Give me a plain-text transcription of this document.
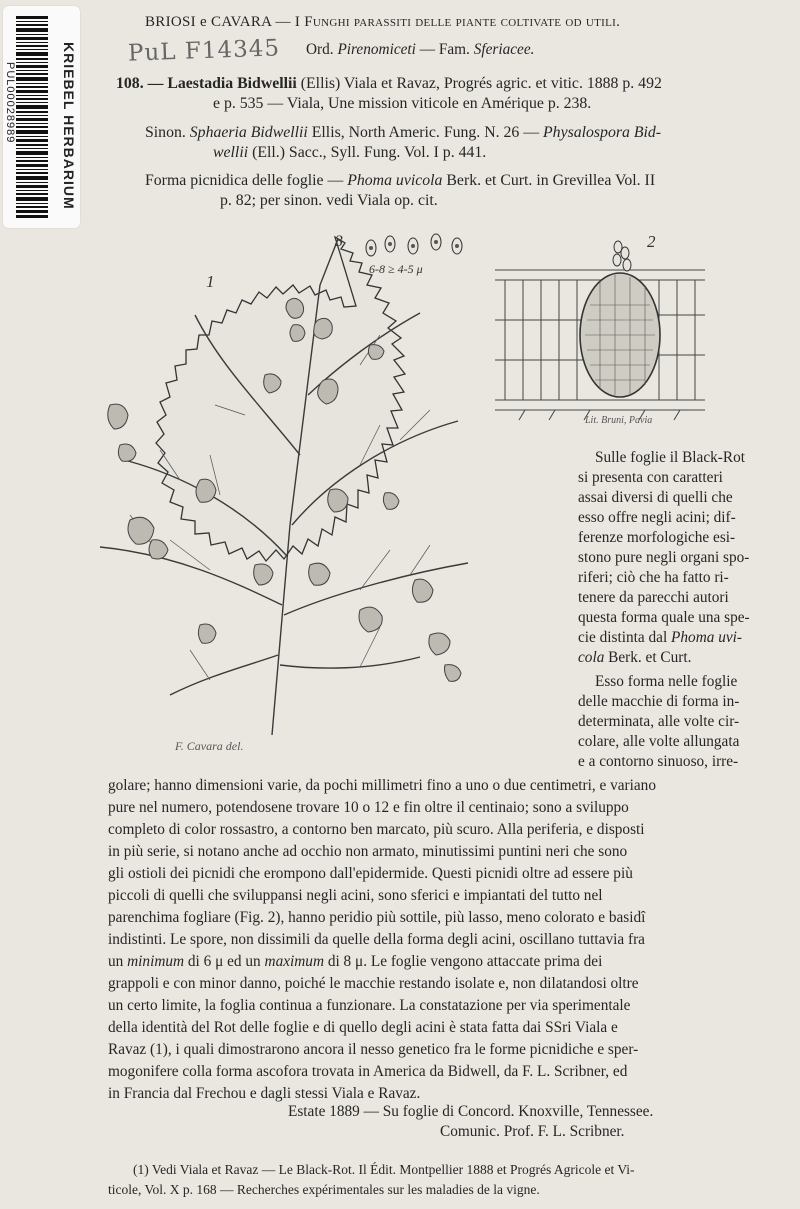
KRIEBEL HERBARIUM
PUL00028989
PuL F14345
BRIOSI e CAVARA — I Funghi parassiti delle piante coltivate od utili.
Ord. Pirenomiceti — Fam. Sferiacee.
108. — Laestadia Bidwellii (Ellis) Viala et Ravaz, Progrés agric. et vitic. 1888 p. 492
e p. 535 — Viala, Une mission viticole en Amérique p. 238.
Sinon. Sphaeria Bidwellii Ellis, North Americ. Fung. N. 26 — Physalospora Bid-
wellii (Ell.) Sacc., Syll. Fung. Vol. I p. 441.
Forma picnidica delle foglie — Phoma uvicola Berk. et Curt. in Grevillea Vol. II
p. 82; per sinon. vedi Viala op. cit.
1
F. Cavara del.
3
6-8 ≥ 4-5 μ
2
Lit. Bruni, Pavia
Sulle foglie il Black-Rot
si presenta con caratteri
assai diversi di quelli che
esso offre negli acini; dif-
ferenze morfologiche esi-
stono pure negli organi spo-
riferi; ciò che ha fatto ri-
tenere da parecchi autori
questa forma quale una spe-
cie distinta dal Phoma uvi-
cola Berk. et Curt.
Esso forma nelle foglie
delle macchie di forma in-
determinata, alle volte cir-
colare, alle volte allungata
e a contorno sinuoso, irre-
golare; hanno dimensioni varie, da pochi millimetri fino a uno o due centimetri, e variano
pure nel numero, potendosene trovare 10 o 12 e fin oltre il centinaio; sono a sviluppo
completo di color rossastro, a contorno ben marcato, più scuro. Alla periferia, e disposti
in più serie, si notano anche ad occhio non armato, minutissimi puntini neri che sono
gli ostioli dei picnidi che erompono dall'epidermide. Questi picnidi oltre ad essere più
piccoli di quelli che sviluppansi negli acini, sono sferici e impiantati del tutto nel
parenchima fogliare (Fig. 2), hanno peridio più sottile, più lasso, meno colorato e basidî
indistinti. Le spore, non dissimili da quelle della forma degli acini, oscillano tuttavia fra
un minimum di 6 μ ed un maximum di 8 μ. Le foglie vengono attaccate prima dei
grappoli e con minor danno, poiché le macchie restando isolate e, non dilatandosi oltre
un certo limite, la foglia continua a funzionare. La constatazione per via sperimentale
della identità del Rot delle foglie e di quello degli acini è stata fatta dai SSri Viala e
Ravaz (1), i quali dimostrarono ancora il nesso genetico fra le forme picnidiche e sper-
mogonifere colla forma ascofora trovata in America da Bidwell, da F. L. Scribner, ed
in Francia dal Frechou e dagli stessi Viala e Ravaz.
Estate 1889 — Su foglie di Concord. Knoxville, Tennessee.
Comunic. Prof. F. L. Scribner.
(1) Vedi Viala et Ravaz — Le Black-Rot. Il Édit. Montpellier 1888 et Progrés Agricole et Vi-
ticole, Vol. X p. 168 — Recherches expérimentales sur les maladies de la vigne.
